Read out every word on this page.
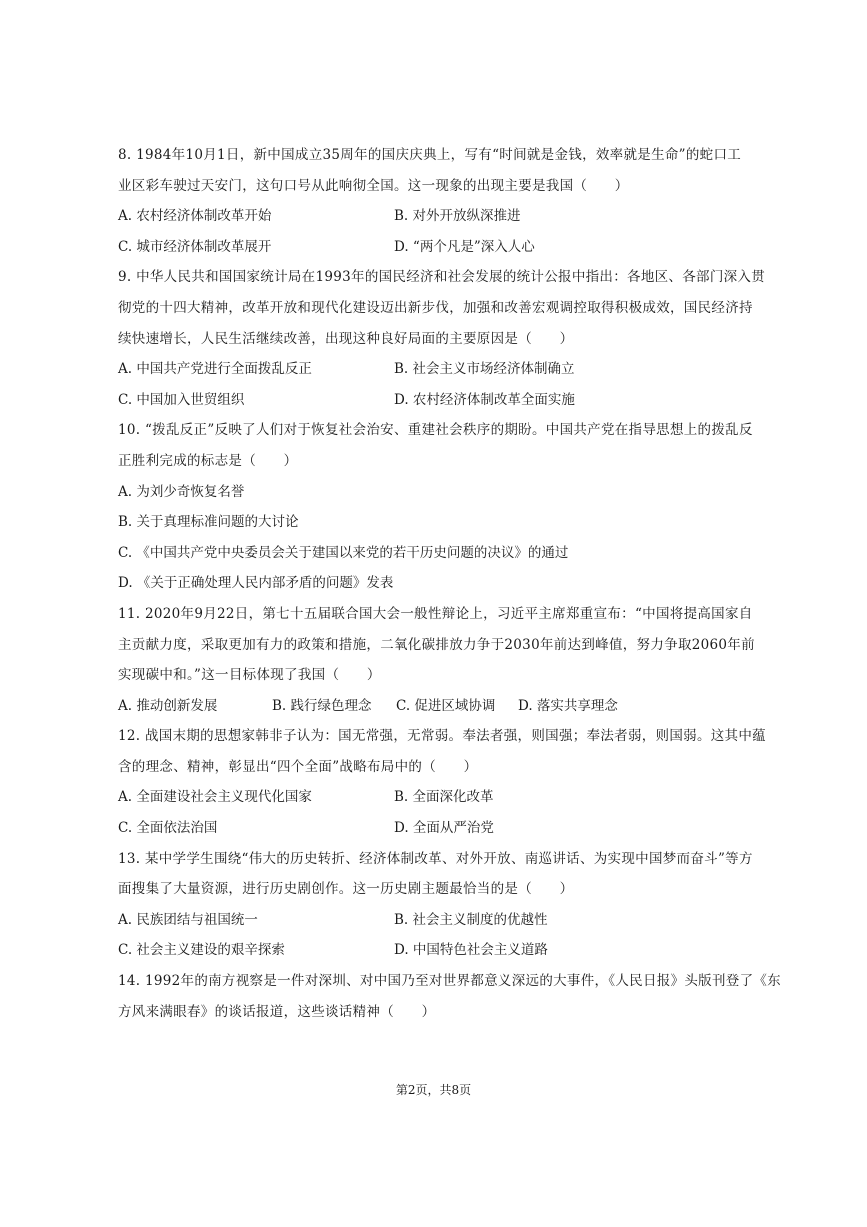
8. 1984年10月1日，新中国成立35周年的国庆庆典上，写有“时间就是金钱，效率就是生命”的蛇口工
业区彩车驶过天安门，这句口号从此响彻全国。这一现象的出现主要是我国（　　）
A. 农村经济体制改革开始	B. 对外开放纵深推进
C. 城市经济体制改革展开	D. “两个凡是”深入人心
9. 中华人民共和国国家统计局在1993年的国民经济和社会发展的统计公报中指出：各地区、各部门深入贯
彻党的十四大精神，改革开放和现代化建设迈出新步伐，加强和改善宏观调控取得积极成效，国民经济持
续快速增长，人民生活继续改善，出现这种良好局面的主要原因是（　　）
A. 中国共产党进行全面拨乱反正	B. 社会主义市场经济体制确立
C. 中国加入世贸组织	D. 农村经济体制改革全面实施
10. “拨乱反正”反映了人们对于恢复社会治安、重建社会秩序的期盼。中国共产党在指导思想上的拨乱反
正胜利完成的标志是（　　）
A. 为刘少奇恢复名誉
B. 关于真理标准问题的大讨论
C. 《中国共产党中央委员会关于建国以来党的若干历史问题的决议》的通过
D. 《关于正确处理人民内部矛盾的问题》发表
11. 2020年9月22日，第七十五届联合国大会一般性辩论上，习近平主席郑重宣布：“中国将提高国家自
主贡献力度，采取更加有力的政策和措施，二氧化碳排放力争于2030年前达到峰值，努力争取2060年前
实现碳中和。”这一目标体现了我国（　　）
A. 推动创新发展	B. 践行绿色理念	C. 促进区域协调	D. 落实共享理念
12. 战国末期的思想家韩非子认为：国无常强，无常弱。奉法者强，则国强；奉法者弱，则国弱。这其中蕴
含的理念、精神，彰显出“四个全面”战略布局中的（　　）
A. 全面建设社会主义现代化国家	B. 全面深化改革
C. 全面依法治国	D. 全面从严治党
13. 某中学学生围绕“伟大的历史转折、经济体制改革、对外开放、南巡讲话、为实现中国梦而奋斗”等方
面搜集了大量资源，进行历史剧创作。这一历史剧主题最恰当的是（　　）
A. 民族团结与祖国统一	B. 社会主义制度的优越性
C. 社会主义建设的艰辛探索	D. 中国特色社会主义道路
14. 1992年的南方视察是一件对深圳、对中国乃至对世界都意义深远的大事件，《人民日报》头版刊登了《东
方风来满眼春》的谈话报道，这些谈话精神（　　）
第2页，共8页
